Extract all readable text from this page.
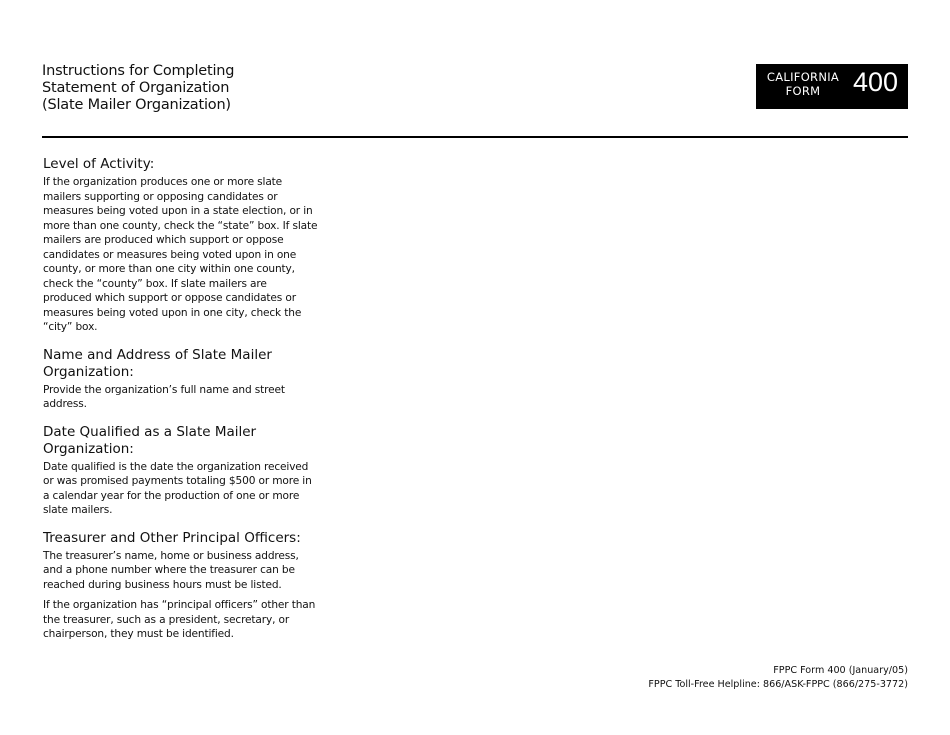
Instructions for Completing
Statement of Organization
(Slate Mailer Organization)
CALIFORNIA
FORM	400
Level of Activity:
If the organization produces one or more slate
mailers supporting or opposing candidates or
measures being voted upon in a state election, or in
more than one county, check the “state” box. If slate
mailers are produced which support or oppose
candidates or measures being voted upon in one
county, or more than one city within one county,
check the “county” box. If slate mailers are
produced which support or oppose candidates or
measures being voted upon in one city, check the
“city” box.
Name and Address of Slate Mailer
Organization:
Provide the organization’s full name and street
address.
Date Qualified as a Slate Mailer
Organization:
Date qualified is the date the organization received
or was promised payments totaling $500 or more in
a calendar year for the production of one or more
slate mailers.
Treasurer and Other Principal Officers:
The treasurer’s name, home or business address,
and a phone number where the treasurer can be
reached during business hours must be listed.
If the organization has “principal officers” other than
the treasurer, such as a president, secretary, or
chairperson, they must be identified.
FPPC Form 400 (January/05)
FPPC Toll-Free Helpline: 866/ASK-FPPC (866/275-3772)
